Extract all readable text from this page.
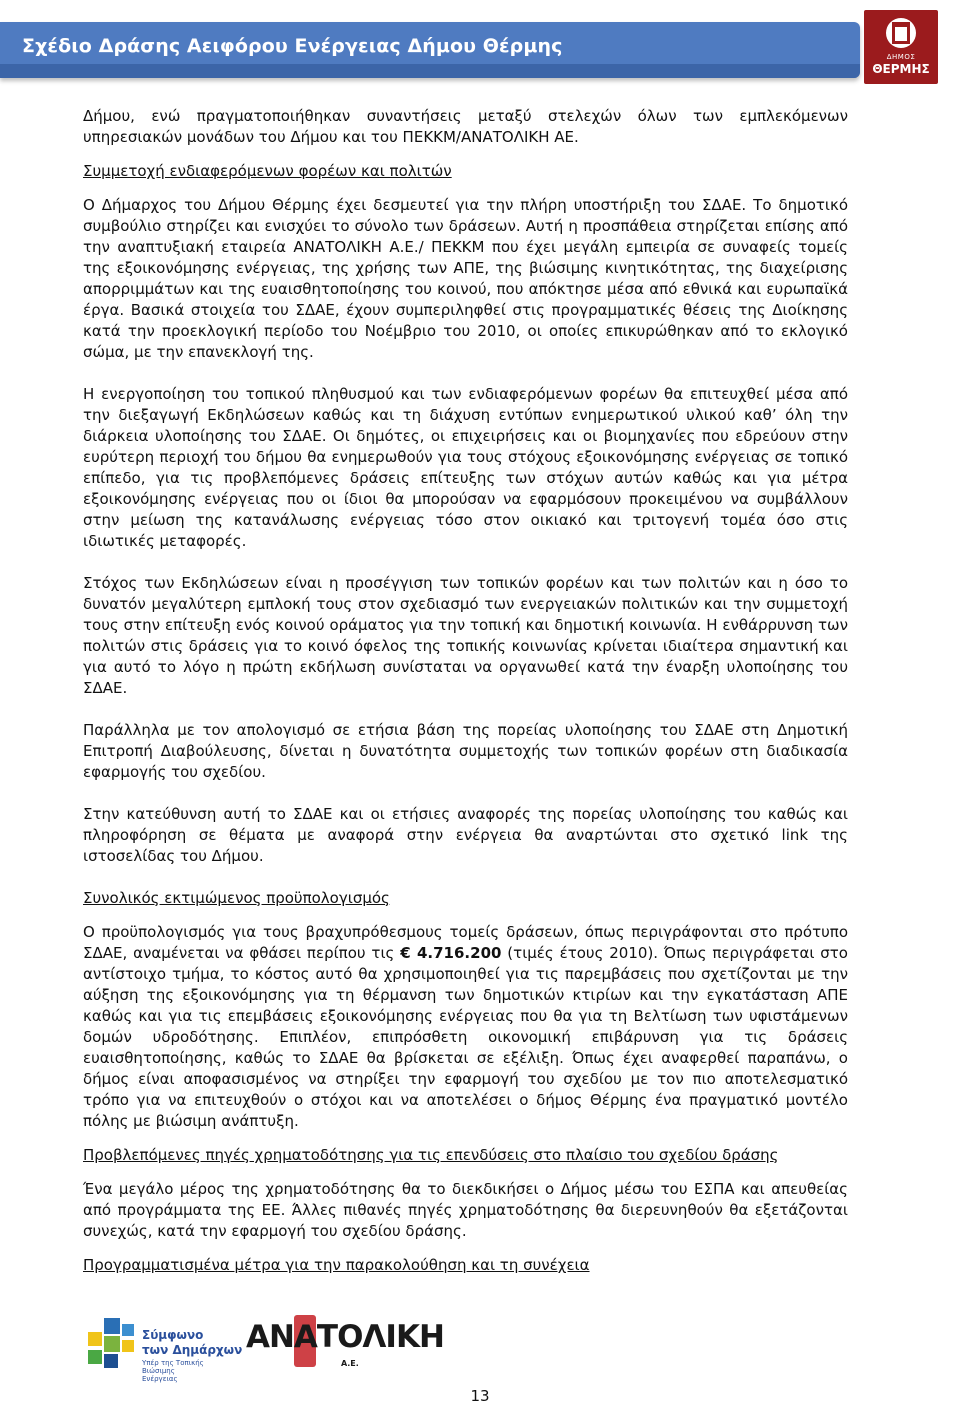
Σχέδιο Δράσης Αειφόρου Ενέργειας Δήμου Θέρμης	ΔΗΜΟΣ
ΘΕΡΜΗΣ

Δήμου, ενώ πραγματοποιήθηκαν συναντήσεις μεταξύ στελεχών όλων των εμπλεκόμενων υπηρεσιακών μονάδων του Δήμου και του ΠΕΚΚΜ/ΑΝΑΤΟΛΙΚΗ ΑΕ.

Συμμετοχή ενδιαφερόμενων φορέων και πολιτών

Ο Δήμαρχος του Δήμου Θέρμης έχει δεσμευτεί για την πλήρη υποστήριξη του ΣΔΑΕ. Το δημοτικό συμβούλιο στηρίζει και ενισχύει το σύνολο των δράσεων. Αυτή η προσπάθεια στηρίζεται επίσης από την αναπτυξιακή εταιρεία ΑΝΑΤΟΛΙΚΗ Α.Ε./ ΠΕΚΚΜ που έχει μεγάλη εμπειρία σε συναφείς τομείς της εξοικονόμησης ενέργειας, της χρήσης των ΑΠΕ, της βιώσιμης κινητικότητας, της διαχείρισης απορριμμάτων και της ευαισθητοποίησης του κοινού, που απόκτησε μέσα από εθνικά και ευρωπαϊκά έργα. Βασικά στοιχεία του ΣΔΑΕ, έχουν συμπεριληφθεί στις προγραμματικές θέσεις της Διοίκησης κατά την προεκλογική περίοδο του Νοέμβριο του 2010, οι οποίες επικυρώθηκαν από το εκλογικό σώμα, με την επανεκλογή της.

Η ενεργοποίηση του τοπικού πληθυσμού και των ενδιαφερόμενων φορέων θα επιτευχθεί μέσα από την διεξαγωγή Εκδηλώσεων καθώς και τη διάχυση εντύπων ενημερωτικού υλικού καθ’ όλη την διάρκεια υλοποίησης του ΣΔΑΕ. Οι δημότες, οι επιχειρήσεις και οι βιομηχανίες που εδρεύουν στην ευρύτερη περιοχή του δήμου θα ενημερωθούν για τους στόχους εξοικονόμησης ενέργειας σε τοπικό επίπεδο, για τις προβλεπόμενες δράσεις επίτευξης των στόχων αυτών καθώς και για μέτρα εξοικονόμησης ενέργειας που οι ίδιοι θα μπορούσαν να εφαρμόσουν προκειμένου να συμβάλλουν στην μείωση της κατανάλωσης ενέργειας τόσο στον οικιακό και τριτογενή τομέα όσο στις ιδιωτικές μεταφορές.

Στόχος των Εκδηλώσεων είναι η προσέγγιση των τοπικών φορέων και των πολιτών και η όσο το δυνατόν μεγαλύτερη εμπλοκή τους στον σχεδιασμό των ενεργειακών πολιτικών και την συμμετοχή τους στην επίτευξη ενός κοινού οράματος για την τοπική και δημοτική κοινωνία. Η ενθάρρυνση των πολιτών στις δράσεις για το κοινό όφελος της τοπικής κοινωνίας κρίνεται ιδιαίτερα σημαντική και για αυτό το λόγο η πρώτη εκδήλωση συνίσταται να οργανωθεί κατά την έναρξη υλοποίησης του ΣΔΑΕ.

Παράλληλα με τον απολογισμό σε ετήσια βάση της πορείας υλοποίησης του ΣΔΑΕ στη Δημοτική Επιτροπή Διαβούλευσης, δίνεται η δυνατότητα συμμετοχής των τοπικών φορέων στη διαδικασία εφαρμογής του σχεδίου.

Στην κατεύθυνση αυτή το ΣΔΑΕ και οι ετήσιες αναφορές της πορείας υλοποίησης του καθώς και πληροφόρηση σε θέματα με αναφορά στην ενέργεια θα αναρτώνται στο σχετικό link της ιστοσελίδας του Δήμου.

Συνολικός εκτιμώμενος προϋπολογισμός

Ο προϋπολογισμός για τους βραχυπρόθεσμους τομείς δράσεων, όπως περιγράφονται στο πρότυπο ΣΔΑΕ, αναμένεται να φθάσει περίπου τις € 4.716.200 (τιμές έτους 2010). Όπως περιγράφεται στο αντίστοιχο τμήμα, το κόστος αυτό θα χρησιμοποιηθεί για τις παρεμβάσεις που σχετίζονται με την αύξηση της εξοικονόμησης για τη θέρμανση των δημοτικών κτιρίων και την εγκατάσταση ΑΠΕ καθώς και για τις επεμβάσεις εξοικονόμησης ενέργειας που θα για τη Βελτίωση των υφιστάμενων δομών υδροδότησης. Επιπλέον, επιπρόσθετη οικονομική επιβάρυνση για τις δράσεις ευαισθητοποίησης, καθώς το ΣΔΑΕ θα βρίσκεται σε εξέλιξη. Όπως έχει αναφερθεί παραπάνω, ο δήμος είναι αποφασισμένος να στηρίξει την εφαρμογή του σχεδίου με τον πιο αποτελεσματικό τρόπο για να επιτευχθούν ο στόχοι και να αποτελέσει ο δήμος Θέρμης ένα πραγματικό μοντέλο πόλης με βιώσιμη ανάπτυξη.

Προβλεπόμενες πηγές χρηματοδότησης για τις επενδύσεις στο πλαίσιο του σχεδίου δράσης

Ένα μεγάλο μέρος της χρηματοδότησης θα το διεκδικήσει ο Δήμος μέσω του ΕΣΠΑ και απευθείας από προγράμματα της ΕΕ. Άλλες πιθανές πηγές χρηματοδότησης θα διερευνηθούν θα εξετάζονται συνεχώς, κατά την εφαρμογή του σχεδίου δράσης.

Προγραμματισμένα μέτρα για την παρακολούθηση και τη συνέχεια

Σύμφωνο
των Δημάρχων
Υπέρ της Τοπικής Βιώσιμης Ενέργειας
ΑΝΑΤΟΛΙΚΗ
Α.Ε.
13
